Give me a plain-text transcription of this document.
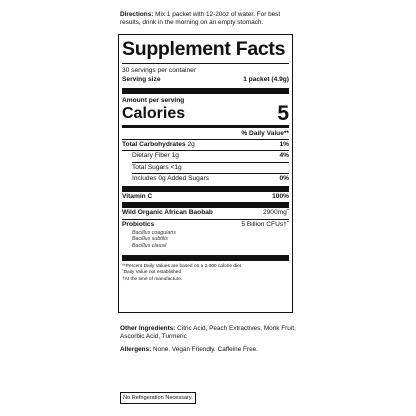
Directions: Mix 1 packet with 12-20oz of water. For best results, drink in the morning on an empty stomach.
Supplement Facts
30 servings per container
Serving size	1 packet (4.9g)
Amount per serving
Calories	5
% Daily Value**
Total Carbohydrates 2g	1%
Dietary Fiber 1g	4%
Total Sugars <1g
Includes 0g Added Sugars	0%
Vitamin C	100%
Wild Organic African Baobab	2900mg˜
Probiotics	5 Billion CFUs†˜
Bacillus coagulans
Bacillus subtilis
Bacillus clausii
**Percent Daily Values are based on a 2,000 calorie diet
˜Daily Value not established
†At the time of manufacture.
Other Ingredients: Citric Acid, Peach Extractives, Monk Fruit, Ascorbic Acid, Turmeric
Allergens: None. Vegan Friendly. Caffeine Free.
No Refrigeration Necessary.
